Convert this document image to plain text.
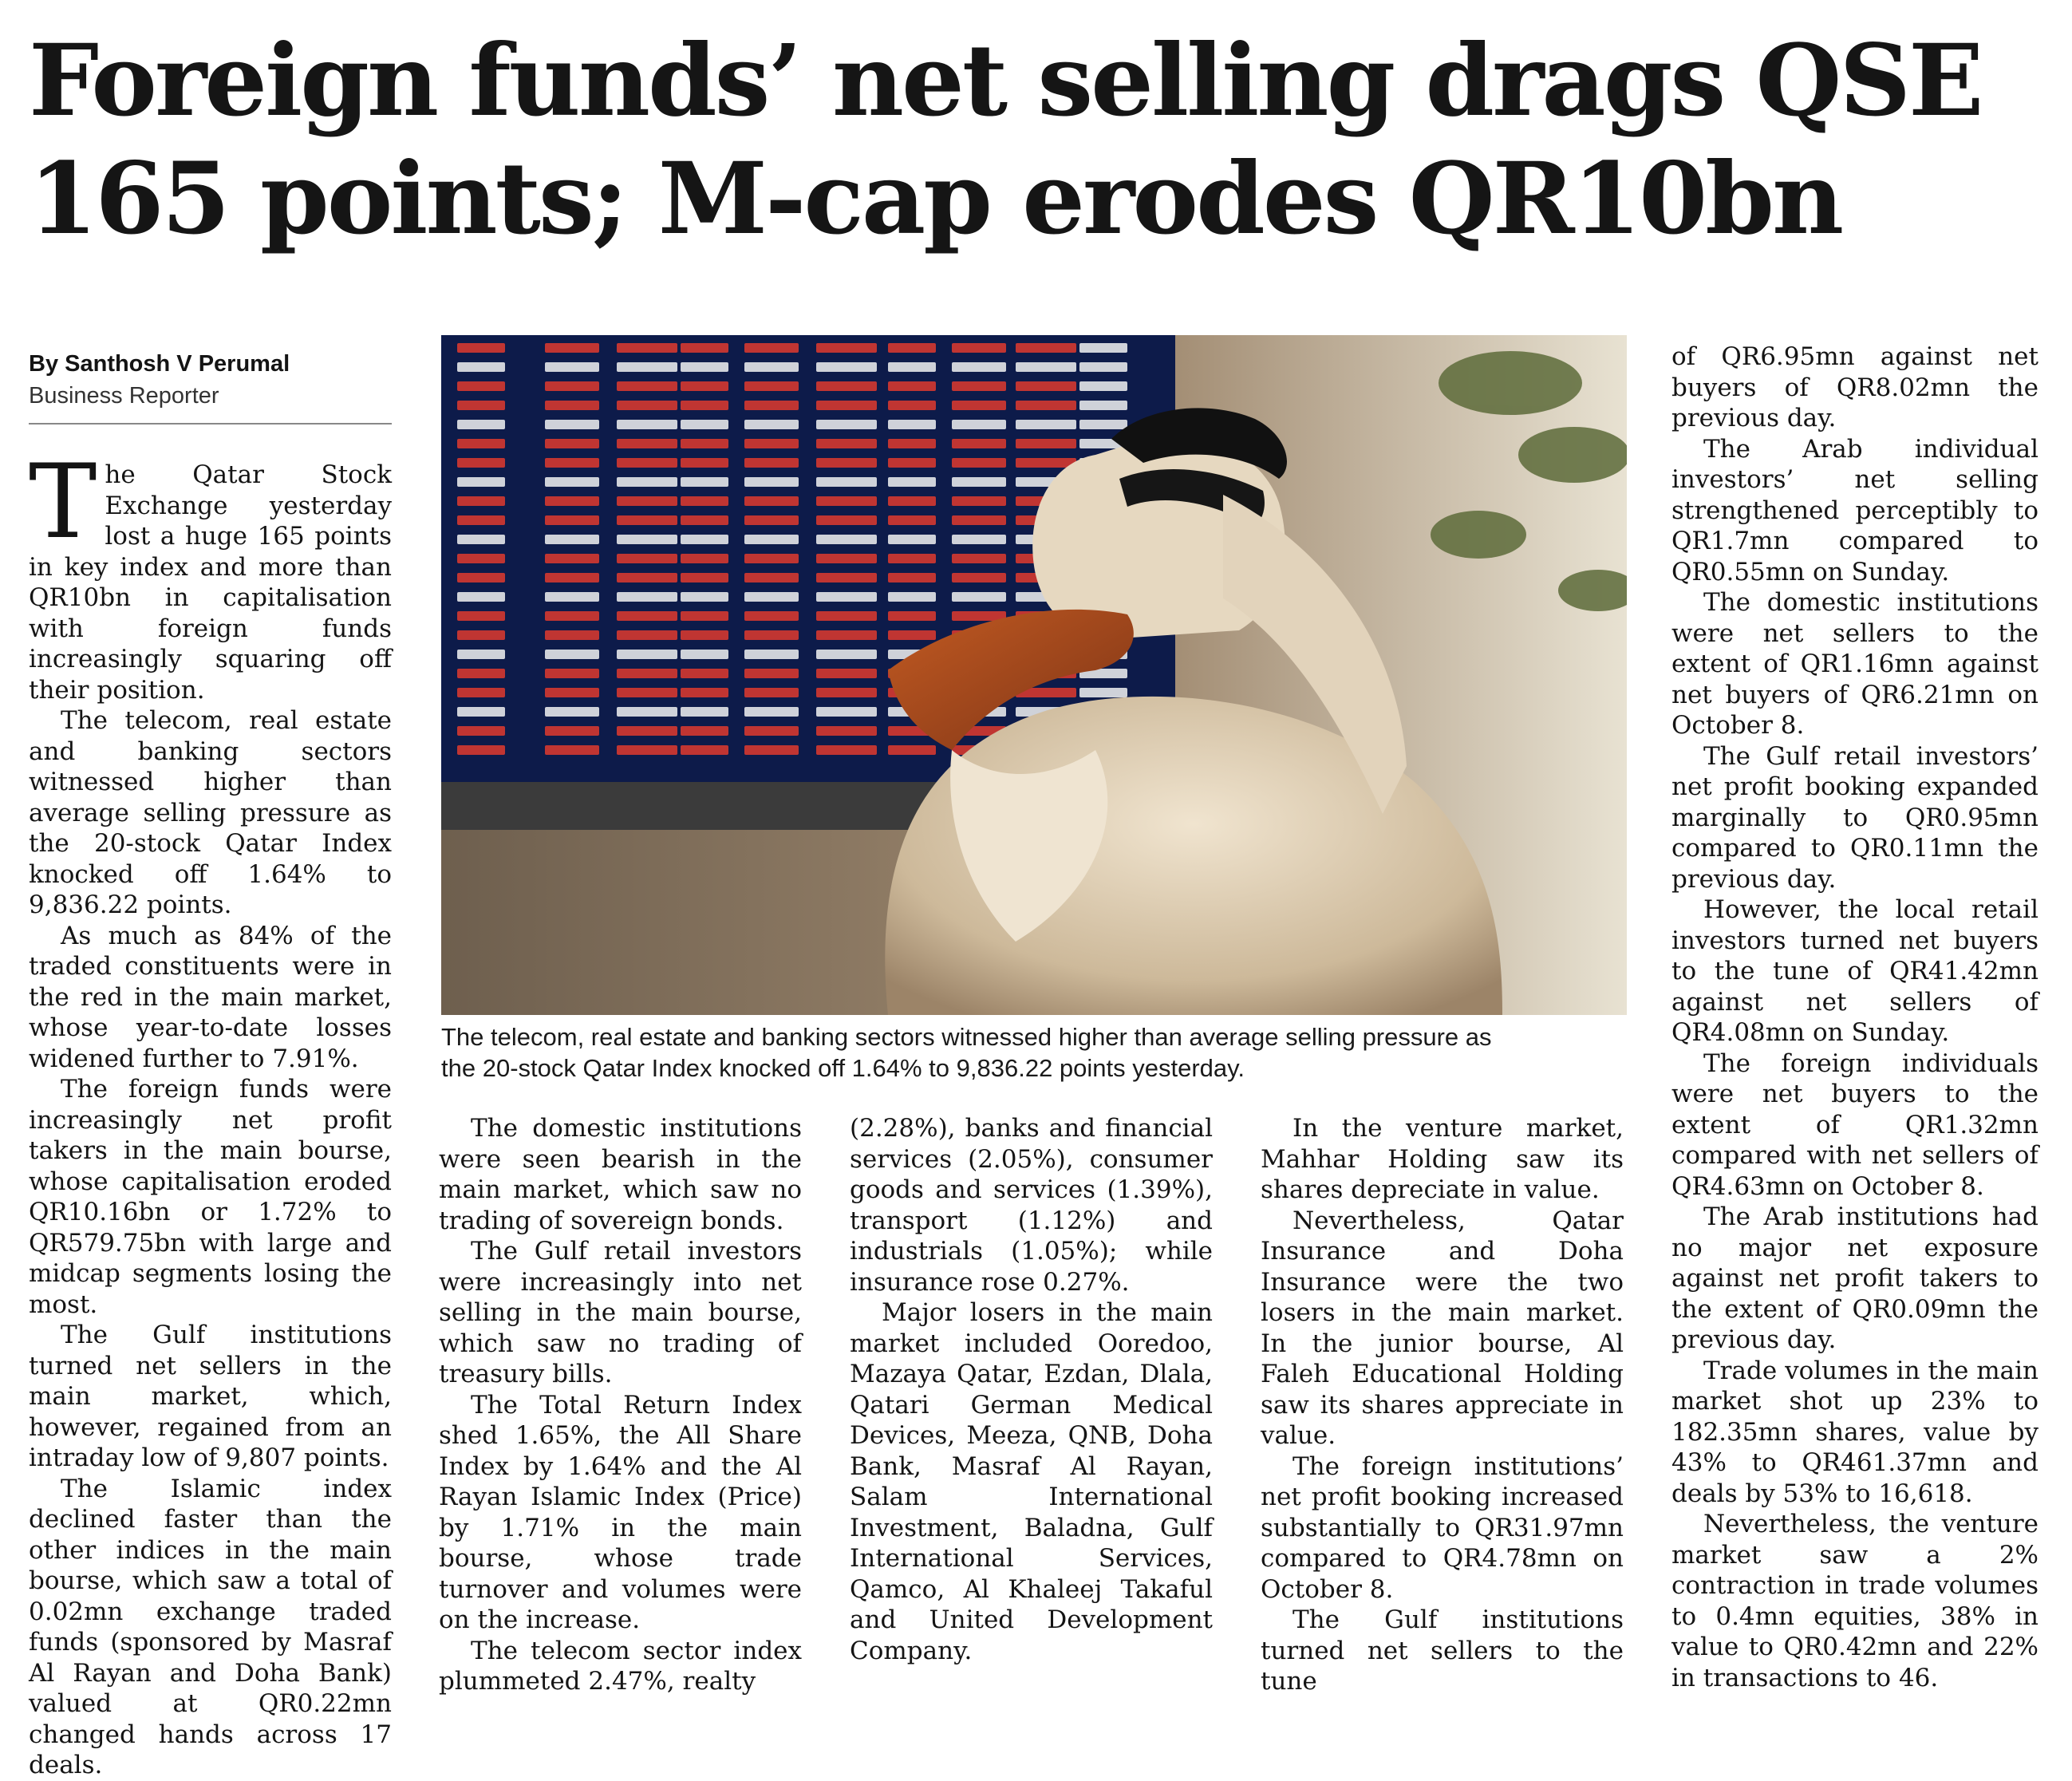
Foreign funds’ net selling drags QSE
165 points; M-cap erodes QR10bn
By Santhosh V Perumal
Business Reporter

The Qatar Stock Exchange yesterday lost a huge 165 points in key index and more than QR10bn in capitalisation with foreign funds increasingly squaring off their position.

The telecom, real estate and banking sectors witnessed higher than average selling pressure as the 20-stock Qatar Index knocked off 1.64% to 9,836.22 points.

As much as 84% of the traded constituents were in the red in the main market, whose year-to-date losses widened further to 7.91%.

The foreign funds were increasingly net profit takers in the main bourse, whose capitalisation eroded QR10.16bn or 1.72% to QR579.75bn with large and midcap segments losing the most.

The Gulf institutions turned net sellers in the main market, which, however, regained from an intraday low of 9,807 points.

The Islamic index declined faster than the other indices in the main bourse, which saw a total of 0.02mn exchange traded funds (sponsored by Masraf Al Rayan and Doha Bank) valued at QR0.22mn changed hands across 17 deals.

The telecom, real estate and banking sectors witnessed higher than average selling pressure as

the 20-stock Qatar Index knocked off 1.64% to 9,836.22 points yesterday.

The domestic institutions were seen bearish in the main market, which saw no trading of sovereign bonds.

The Gulf retail investors were increasingly into net selling in the main bourse, which saw no trading of treasury bills.

The Total Return Index shed 1.65%, the All Share Index by 1.64% and the Al Rayan Islamic Index (Price) by 1.71% in the main bourse, whose trade turnover and volumes were on the increase.

The telecom sector index plummeted 2.47%, realty

(2.28%), banks and financial services (2.05%), consumer goods and services (1.39%), transport (1.12%) and industrials (1.05%); while insurance rose 0.27%.

Major losers in the main market included Ooredoo, Mazaya Qatar, Ezdan, Dlala, Qatari German Medical Devices, Meeza, QNB, Doha Bank, Masraf Al Rayan, Salam International Investment, Baladna, Gulf International Services, Qamco, Al Khaleej Takaful and United Development Company.

In the venture market, Mahhar Holding saw its shares depreciate in value.

Nevertheless, Qatar Insurance and Doha Insurance were the two losers in the main market. In the junior bourse, Al Faleh Educational Holding saw its shares appreciate in value.

The foreign institutions’ net profit booking increased substantially to QR31.97mn compared to QR4.78mn on October 8.

The Gulf institutions turned net sellers to the tune

of QR6.95mn against net buyers of QR8.02mn the previous day.

The Arab individual investors’ net selling strengthened perceptibly to QR1.7mn compared to QR0.55mn on Sunday.

The domestic institutions were net sellers to the extent of QR1.16mn against net buyers of QR6.21mn on October 8.

The Gulf retail investors’ net profit booking expanded marginally to QR0.95mn compared to QR0.11mn the previous day.

However, the local retail investors turned net buyers to the tune of QR41.42mn against net sellers of QR4.08mn on Sunday.

The foreign individuals were net buyers to the extent of QR1.32mn compared with net sellers of QR4.63mn on October 8.

The Arab institutions had no major net exposure against net profit takers to the extent of QR0.09mn the previous day.

Trade volumes in the main market shot up 23% to 182.35mn shares, value by 43% to QR461.37mn and deals by 53% to 16,618.

Nevertheless, the venture market saw a 2% contraction in trade volumes to 0.4mn equities, 38% in value to QR0.42mn and 22% in transactions to 46.
